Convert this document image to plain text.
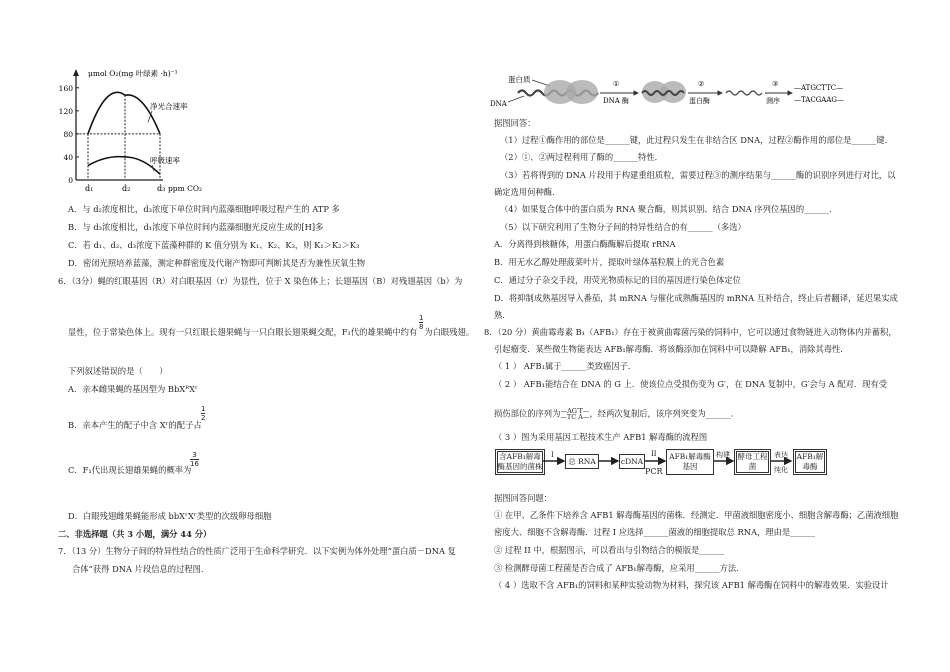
μmol O₂(mg 叶绿素 ·h)⁻¹
160
120
80
40
0
d₁	d₂	d₃ ppm CO₂
净光合速率
呼吸速率
A．与 d₂浓度相比，d₃浓度下单位时间内蓝藻细胞呼吸过程产生的 ATP 多
B．与 d₃浓度相比，d₁浓度下单位时间内蓝藻细胞光反应生成的[H]多
C．若 d₁、d₂、d₃浓度下蓝藻种群的 K 值分别为 K₁、K₂、K₃，则 K₁＞K₂＞K₃
D．密闭光照培养蓝藻，测定种群密度及代谢产物即可判断其是否为兼性厌氧生物
6．（3分）蝇的红眼基因（R）对白眼基因（r）为显性，位于 X 染色体上；长翅基因（B）对残翅基因（b）为
1
8
显性，位于常染色体上。现有一只红眼长翅果蝇与一只白眼长翅果蝇交配，F₁代的雄果蝇中约有 为白眼残翅。
下列叙述错误的是（　　）
A．亲本雌果蝇的基因型为 BbXᴿXʳ
B．亲本产生的配子中含 Xʳ的配子占
1
2
C．F₁代出现长翅雄果蝇的概率为
3
16
D．白眼残翅雌果蝇能形成 bbXʳXʳ类型的次级卵母细胞
二、非选择题（共 3 小题，满分 44 分）
7．（13 分）生物分子间的特异性结合的性质广泛用于生命科学研究．以下实例为体外处理“蛋白质－DNA 复
合体”获得 DNA 片段信息的过程图．
蛋白质
DNA
①
DNA 酶
②
蛋白酶
③
测序
—ATGCTTC—
—TACGAAG—
据图回答：
（1）过程①酶作用的部位是______键，此过程只发生在非结合区 DNA，过程②酶作用的部位是______键．
（2）①、②两过程利用了酶的______特性．
（3）若将得到的 DNA 片段用于构建重组质粒，需要过程③的测序结果与______酶的识别序列进行对比，以
确定选用何种酶．
（4）如果复合体中的蛋白质为 RNA 聚合酶，则其识别、结合 DNA 序列位基因的______．
（5）以下研究利用了生物分子间的特异性结合的有______（多选）
A．分离得到核糖体，用蛋白酶酶解后提取 rRNA
B．用无水乙醇处理菠菜叶片，提取叶绿体基粒膜上的光合色素
C．通过分子杂交手段，用荧光物质标记的目的基因进行染色体定位
D．将抑制成熟基因导入番茄，其 mRNA 与催化成熟酶基因的 mRNA 互补结合，终止后者翻译，延迟果实成
熟．
8．（20 分）黄曲霉毒素 B₁（AFB₁）存在于被黄曲霉菌污染的饲料中，它可以通过食物链进入动物体内并蓄积，
引起瘤变．某些微生物能表达 AFB₁解毒酶．将该酶添加在饲料中可以降解 AFB₁，消除其毒性．
（ 1 ） AFB₁属于______类致癌因子．
（ 2 ） AFB₁能结合在 DNA 的 G 上．使该位点受损伤变为 G′，在 DNA 复制中，G′会与 A 配对．现有受
损伤部位的序列为 —AG′T—
—TC A— ，经两次复制后，该序列突变为______．
（ 3 ）图为采用基因工程技术生产 AFB1 解毒酶的流程图
含AFB₁解毒酶基因的菌株
I
总 RNA	cDNA
II
PCR
AFB₁解毒酶基因
构建	酵母工程菌
表达
纯化
AFB₁解毒酶
据图回答问题：
① 在甲、乙条件下培养含 AFB1 解毒酶基因的菌株．经测定．甲菌液细胞密度小、细胞含解毒酶；乙菌液细胞
密度大、细胞不含解毒酶．过程 I 应选择______菌液的细胞提取总 RNA，理由是______
② 过程 II 中，根据图示，可以看出与引物结合的模版是______
③ 检测酵母菌工程菌是否合成了 AFB₁解毒酶，应采用______方法．
（ 4 ）选取不含 AFB₁的饲料和某种实验动物为材料，探究该 AFB1 解毒酶在饲料中的解毒效果．实验设计
